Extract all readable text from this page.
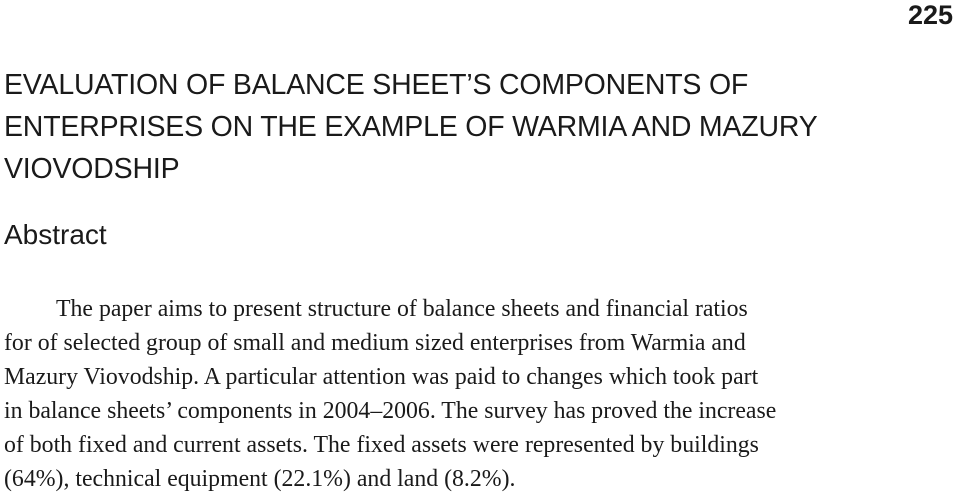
225
EVALUATION OF BALANCE SHEET’S COMPONENTS OF
ENTERPRISES ON THE EXAMPLE OF WARMIA AND MAZURY
VIOVODSHIP
Abstract

The paper aims to present structure of balance sheets and financial ratios
for of selected group of small and medium sized enterprises from Warmia and
Mazury Viovodship. A particular attention was paid to changes which took part
in balance sheets’ components in 2004–2006. The survey has proved the increase
of both fixed and current assets. The fixed assets were represented by buildings
(64%), technical equipment (22.1%) and land (8.2%).
